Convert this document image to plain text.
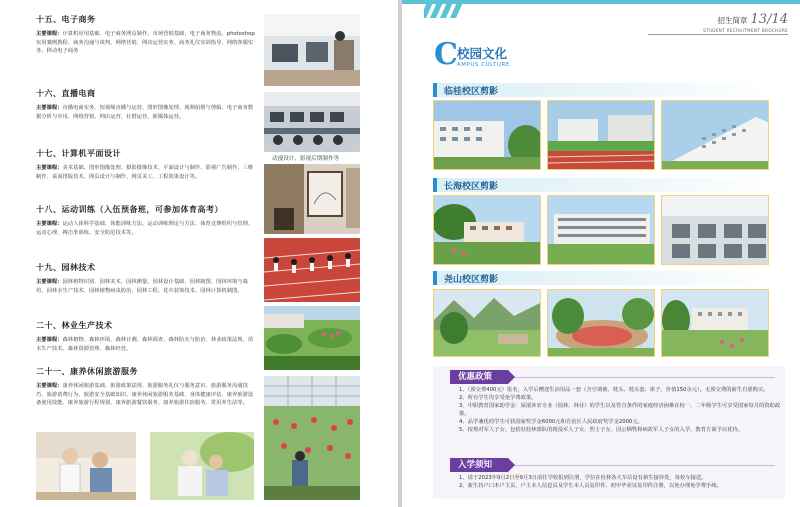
十五、电子商务
主要课程：计算机应用基础、电子商务网页制作、市场营销基础、电子商务物流、photoshop实用案例教程、商务沟通与谈判、网络营销、网店运营实务、商务礼仪实训指导、网络客服实务、移动电子商务
十六、直播电商
主要课程：直播电商实务、短视频直播与运营、图形图像处理、视频拍摄与剪辑、电子商务数据分析与应用、网络营销、网店运营、社群运营、新媒体运营。
动漫设计、影视后期制作等
十七、计算机平面设计
主要课程：美术基础、图形图像处理、摄影摄像技术、平面设计与制作、影视广告制作、三维制作、桌面排版技术、网页设计与制作、网页美工、工程效果设计等。
十八、运动训练（入伍预备班，可参加体育高考）
主要课程：运动人体科学基础、体能训练方法、运动训练理论与方法、体育竞赛组织与管理、运动心理、搏击拳训练、安全防范技术等。
十九、园林技术
主要课程：园林植物识别、园林美术、园林测量、园林设计基础、园林制图、园林环境与栽培、园林水生产技术、园林植物病虫防治、园林工程、花卉装饰技术、园林计算机制图。
二十、林业生产技术
主要课程：森林植物、森林环境、森林计测、森林调查、森林防火与防治、林业政策法规、苗木生产技术、森林资源管理、森林经营。
二十一、康养休闲旅游服务
主要课程：康养休闲旅游基础、旅游政策法规、旅游服务礼仪与服务意识、旅游服务沟通技巧、旅游消费行为、旅游安全基础知识、康养休闲旅游服务基础、身体健康评估、康养旅游设备使用技能、康养旅游行程规划、康养旅游餐饮服务、康养旅游住宿服务、常用养生法等。
招生简章 13/14
STUDENT RECRUITMENT BROCHURE
C 校园文化
AMPUS CULTURE
临桂校区剪影
长海校区剪影
尧山校区剪影
优惠政策
1、（预交费400元）报名，入学后赠送生活用品一套（含空调被、枕头、枕头套、席子，价值150余元）。无预交费的新生自愿购买。
2、所有学生均享受免学费政策。
3、中职教育国家助学金：屋滚涉农专业（园林、林业）的学生以及符合条件的家庭经济困难在校一、二年级学生可享受国家每月的资助政策。
4、品学兼优的学生可获国家奖学金6000元和自治区人民政府奖学金2000元。
5、按规对军人子女、包括驻桂林部队的现役军人子女、烈士子女、因公牺牲和病故军人子女的入学、教育方面予以优待。
入学须知
1、请于2023年9月2日至9月3日前往学校报到注册，学位在桂林各大车站设有新生接待处，每校车接送。
2、新生持户口本户主页、户主本人信息页及学生本人页复印件、初中毕业证复印件注册，以免办理免学费手续。
